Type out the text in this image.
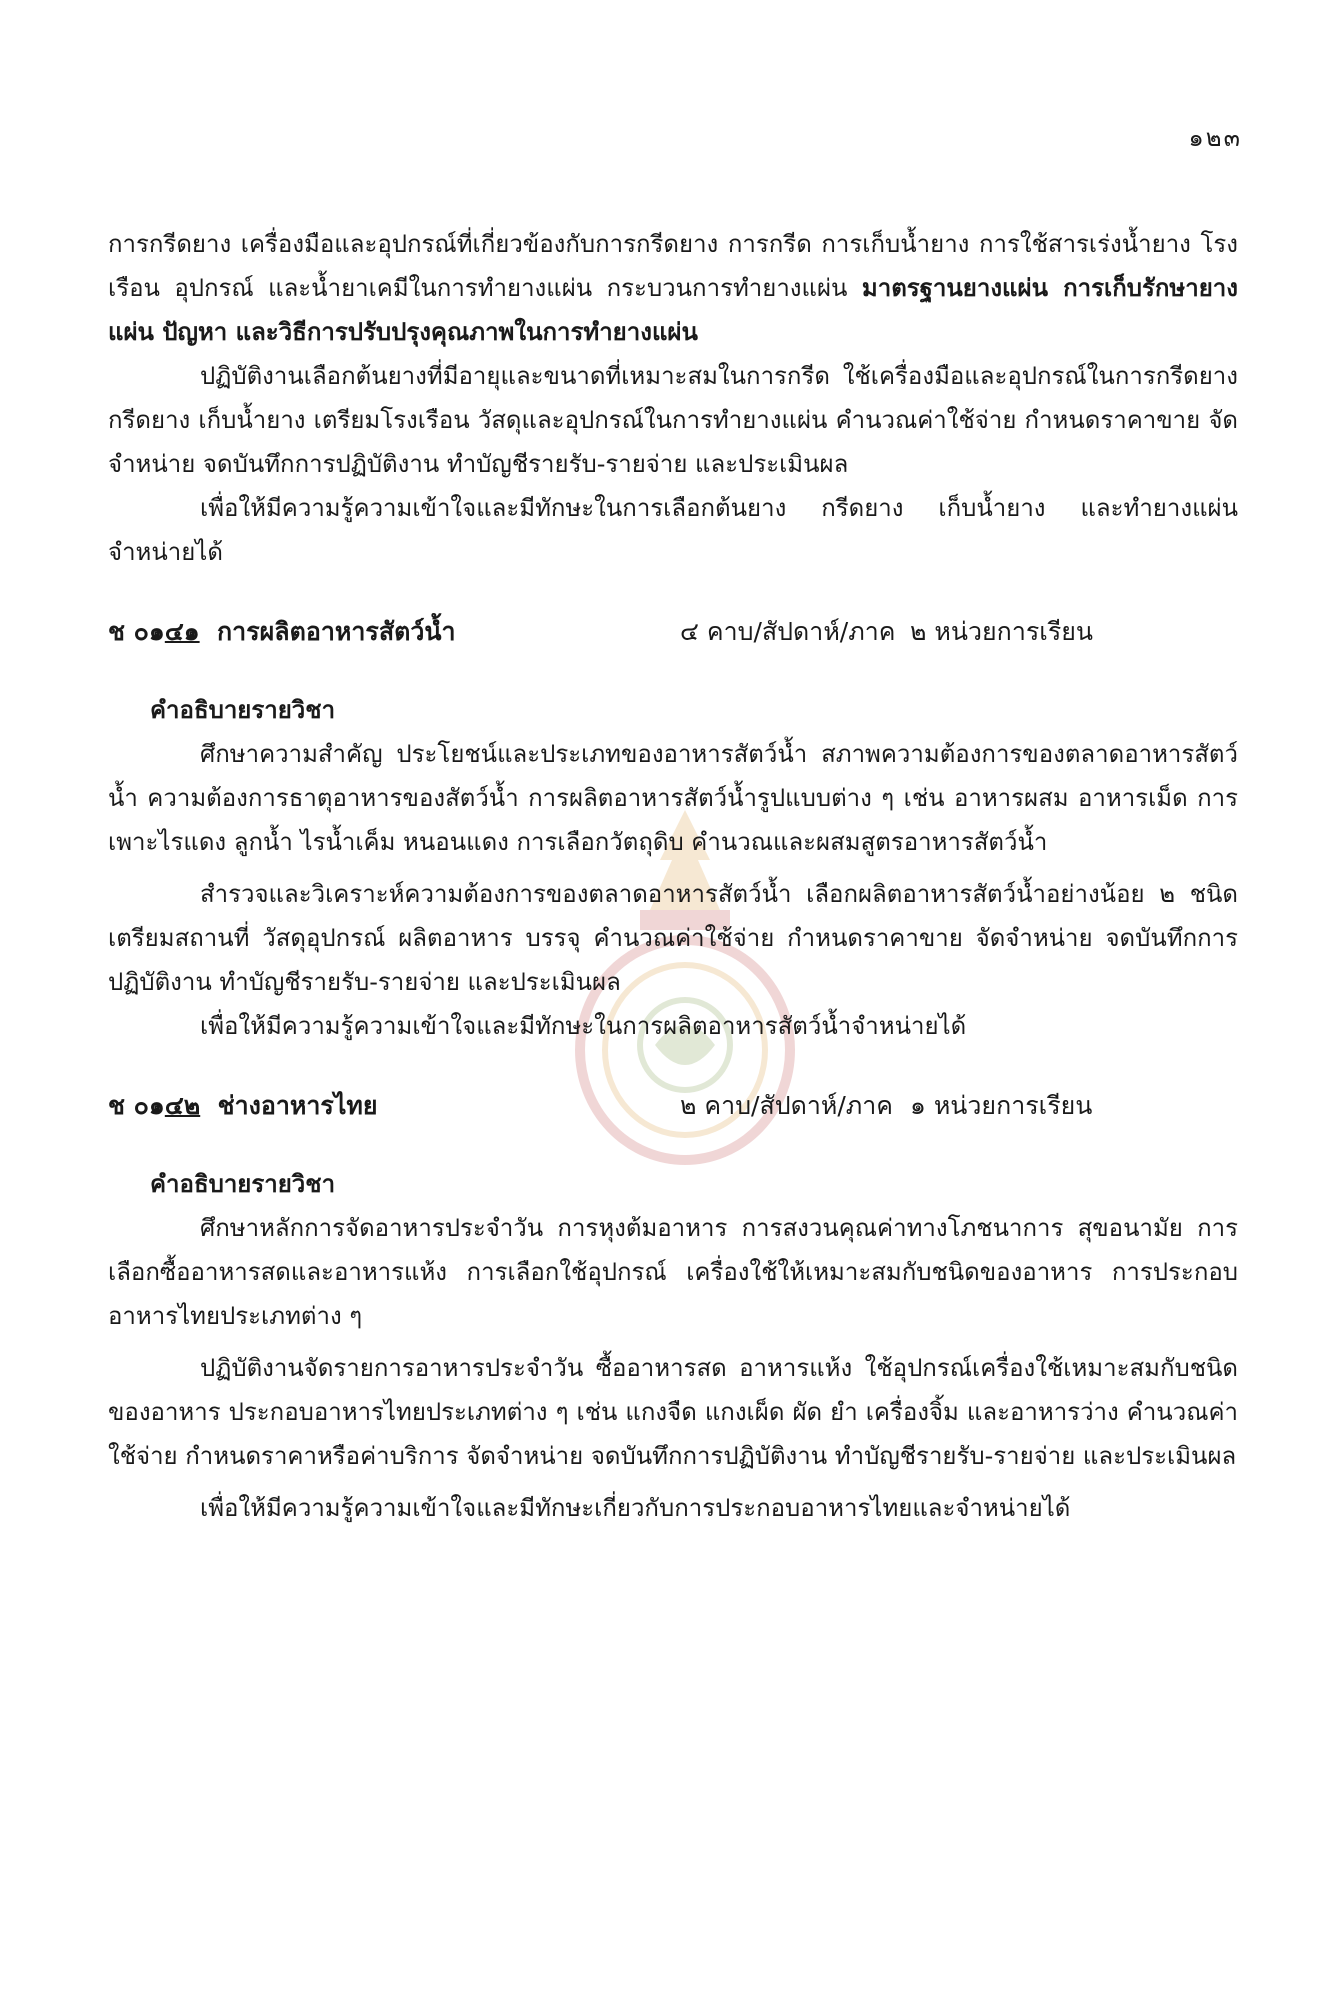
๑๒๓

การกรีดยาง เครื่องมือและอุปกรณ์ที่เกี่ยวข้องกับการกรีดยาง การกรีด การเก็บน้ำยาง การใช้สารเร่งน้ำยาง โรงเรือน อุปกรณ์ และน้ำยาเคมีในการทำยางแผ่น กระบวนการทำยางแผ่น มาตรฐานยางแผ่น การเก็บรักษายางแผ่น ปัญหา และวิธีการปรับปรุงคุณภาพในการทำยางแผ่น

ปฏิบัติงานเลือกต้นยางที่มีอายุและขนาดที่เหมาะสมในการกรีด ใช้เครื่องมือและอุปกรณ์ในการกรีดยาง กรีดยาง เก็บน้ำยาง เตรียมโรงเรือน วัสดุและอุปกรณ์ในการทำยางแผ่น คำนวณค่าใช้จ่าย กำหนดราคาขาย จัดจำหน่าย จดบันทึกการปฏิบัติงาน ทำบัญชีรายรับ-รายจ่าย และประเมินผล

เพื่อให้มีความรู้ความเข้าใจและมีทักษะในการเลือกต้นยาง กรีดยาง เก็บน้ำยาง และทำยางแผ่นจำหน่ายได้

ช ๐๑๔๑ การผลิตอาหารสัตว์น้ำ	๔ คาบ/สัปดาห์/ภาค ๒ หน่วยการเรียน
คำอธิบายรายวิชา

ศึกษาความสำคัญ ประโยชน์และประเภทของอาหารสัตว์น้ำ สภาพความต้องการของตลาดอาหารสัตว์น้ำ ความต้องการธาตุอาหารของสัตว์น้ำ การผลิตอาหารสัตว์น้ำรูปแบบต่าง ๆ เช่น อาหารผสม อาหารเม็ด การเพาะไรแดง ลูกน้ำ ไรน้ำเค็ม หนอนแดง การเลือกวัตถุดิบ คำนวณและผสมสูตรอาหารสัตว์น้ำ

สำรวจและวิเคราะห์ความต้องการของตลาดอาหารสัตว์น้ำ เลือกผลิตอาหารสัตว์น้ำอย่างน้อย ๒ ชนิด เตรียมสถานที่ วัสดุอุปกรณ์ ผลิตอาหาร บรรจุ คำนวณค่าใช้จ่าย กำหนดราคาขาย จัดจำหน่าย จดบันทึกการปฏิบัติงาน ทำบัญชีรายรับ-รายจ่าย และประเมินผล

เพื่อให้มีความรู้ความเข้าใจและมีทักษะในการผลิตอาหารสัตว์น้ำจำหน่ายได้

ช ๐๑๔๒ ช่างอาหารไทย	๒ คาบ/สัปดาห์/ภาค ๑ หน่วยการเรียน
คำอธิบายรายวิชา

ศึกษาหลักการจัดอาหารประจำวัน การหุงต้มอาหาร การสงวนคุณค่าทางโภชนาการ สุขอนามัย การเลือกซื้ออาหารสดและอาหารแห้ง การเลือกใช้อุปกรณ์ เครื่องใช้ให้เหมาะสมกับชนิดของอาหาร การประกอบอาหารไทยประเภทต่าง ๆ

ปฏิบัติงานจัดรายการอาหารประจำวัน ซื้ออาหารสด อาหารแห้ง ใช้อุปกรณ์เครื่องใช้เหมาะสมกับชนิดของอาหาร ประกอบอาหารไทยประเภทต่าง ๆ เช่น แกงจืด แกงเผ็ด ผัด ยำ เครื่องจิ้ม และอาหารว่าง คำนวณค่าใช้จ่าย กำหนดราคาหรือค่าบริการ จัดจำหน่าย จดบันทึกการปฏิบัติงาน ทำบัญชีรายรับ-รายจ่าย และประเมินผล

เพื่อให้มีความรู้ความเข้าใจและมีทักษะเกี่ยวกับการประกอบอาหารไทยและจำหน่ายได้
